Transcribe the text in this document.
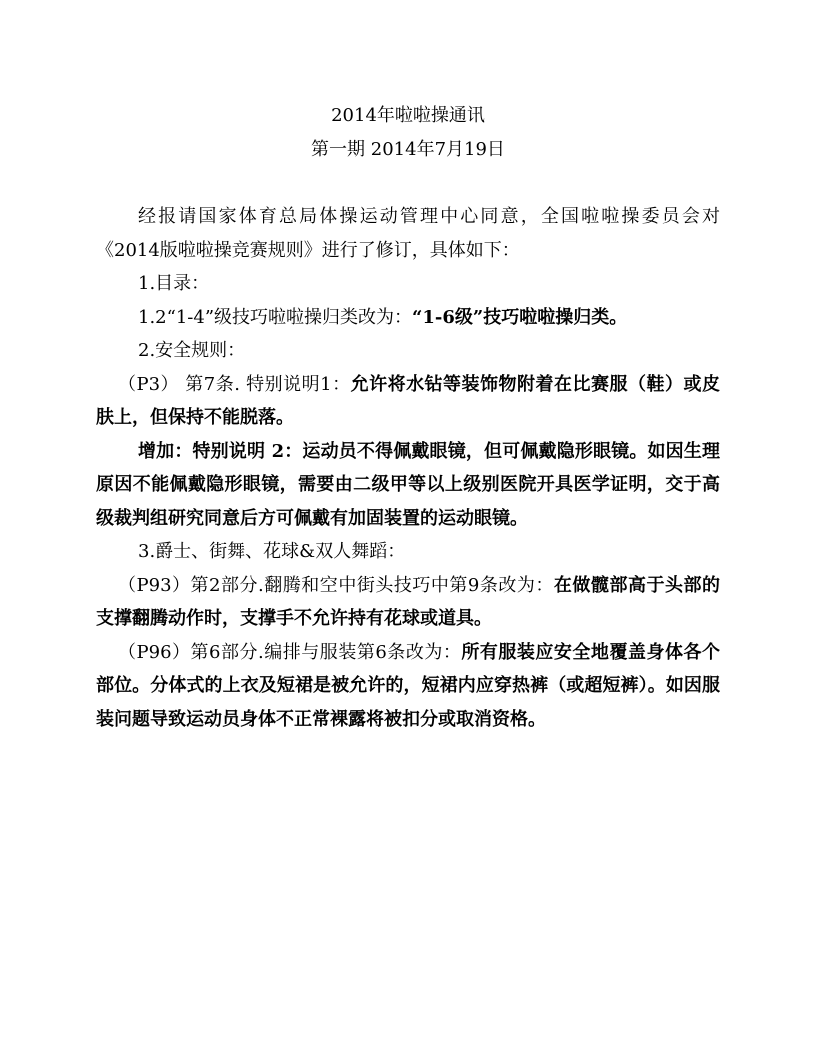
2014年啦啦操通讯
第一期 2014年7月19日

经报请国家体育总局体操运动管理中心同意，全国啦啦操委员会对《2014版啦啦操竞赛规则》进行了修订，具体如下：

1.目录：

1.2“1-4”级技巧啦啦操归类改为：“1-6级”技巧啦啦操归类。

2.安全规则：

（P3） 第7条. 特别说明1：允许将水钻等装饰物附着在比赛服（鞋）或皮肤上，但保持不能脱落。

增加：特别说明 2：运动员不得佩戴眼镜，但可佩戴隐形眼镜。如因生理原因不能佩戴隐形眼镜，需要由二级甲等以上级别医院开具医学证明，交于高级裁判组研究同意后方可佩戴有加固装置的运动眼镜。

3.爵士、街舞、花球&双人舞蹈：

（P93）第2部分.翻腾和空中街头技巧中第9条改为：在做髋部高于头部的支撑翻腾动作时，支撑手不允许持有花球或道具。

（P96）第6部分.编排与服装第6条改为：所有服装应安全地覆盖身体各个部位。分体式的上衣及短裙是被允许的，短裙内应穿热裤（或超短裤）。如因服装问题导致运动员身体不正常裸露将被扣分或取消资格。
